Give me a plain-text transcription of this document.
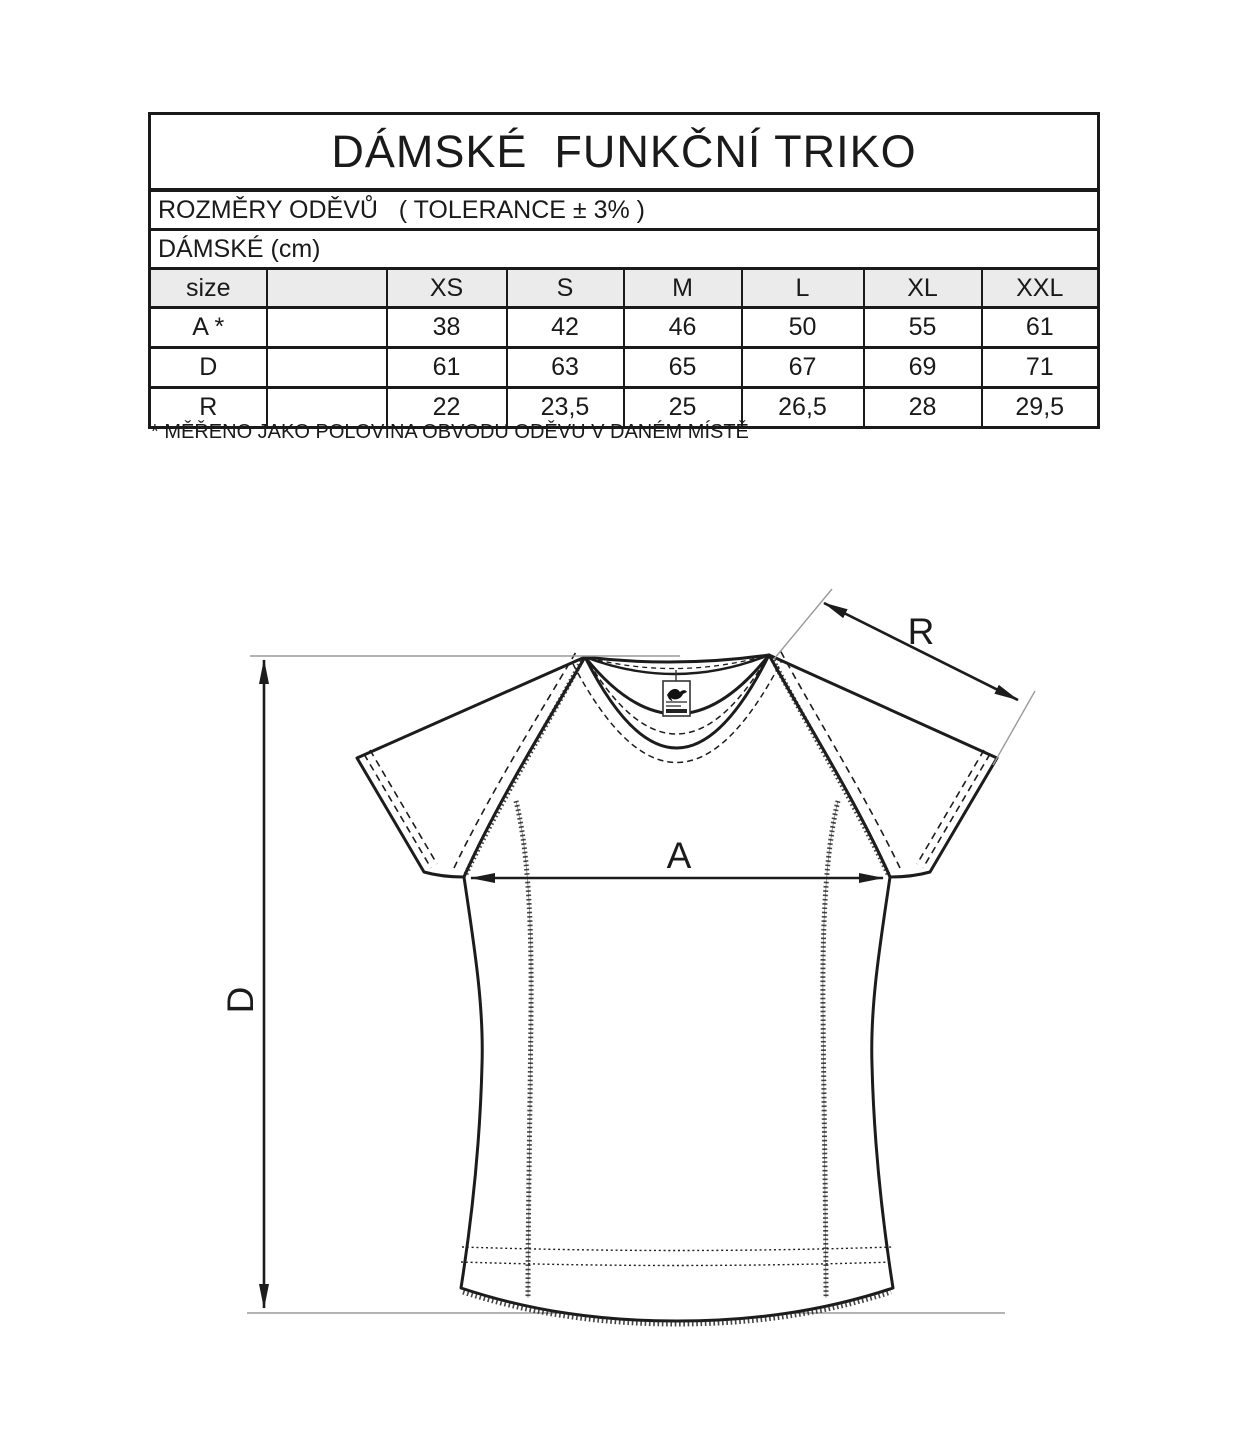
DÁMSKÉ  FUNKČNÍ TRIKO							
ROZMĚRY ODĚVŮ   ( TOLERANCE ± 3% )							
DÁMSKÉ (cm)							
size		XS	S	M	L	XL	XXL
A *		38	42	46	50	55	61
D		61	63	65	67	69	71
R		22	23,5	25	26,5	28	29,5
* MĚŘENO JAKO POLOVINA OBVODU ODĚVU V DANÉM MÍSTĚ
D
A
R
